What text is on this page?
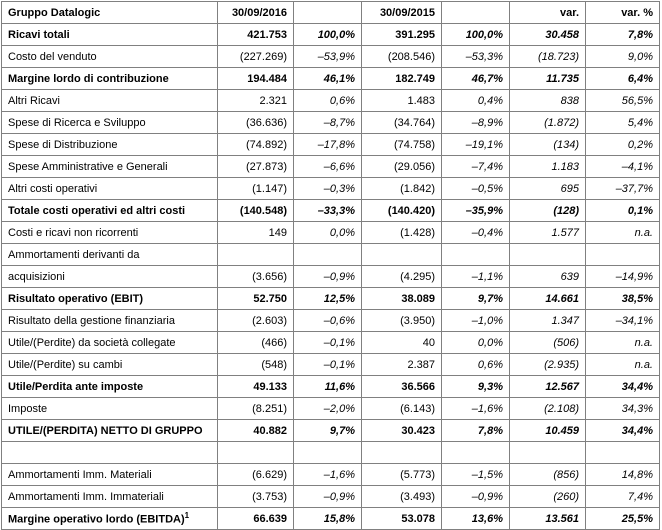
Gruppo Datalogic	30/09/2016		30/09/2015		var.	var. %
Ricavi totali	421.753	100,0%	391.295	100,0%	30.458	7,8%
Costo del venduto	(227.269)	–53,9%	(208.546)	–53,3%	(18.723)	9,0%
Margine lordo di contribuzione	194.484	46,1%	182.749	46,7%	11.735	6,4%
Altri Ricavi	2.321	0,6%	1.483	0,4%	838	56,5%
Spese di Ricerca e Sviluppo	(36.636)	–8,7%	(34.764)	–8,9%	(1.872)	5,4%
Spese di Distribuzione	(74.892)	–17,8%	(74.758)	–19,1%	(134)	0,2%
Spese Amministrative e Generali	(27.873)	–6,6%	(29.056)	–7,4%	1.183	–4,1%
Altri costi operativi	(1.147)	–0,3%	(1.842)	–0,5%	695	–37,7%
Totale costi operativi ed altri costi	(140.548)	–33,3%	(140.420)	–35,9%	(128)	0,1%
Costi e ricavi non ricorrenti	149	0,0%	(1.428)	–0,4%	1.577	n.a.
Ammortamenti derivanti da						
acquisizioni	(3.656)	–0,9%	(4.295)	–1,1%	639	–14,9%
Risultato operativo (EBIT)	52.750	12,5%	38.089	9,7%	14.661	38,5%
Risultato della gestione finanziaria	(2.603)	–0,6%	(3.950)	–1,0%	1.347	–34,1%
Utile/(Perdite) da società collegate	(466)	–0,1%	40	0,0%	(506)	n.a.
Utile/(Perdite) su cambi	(548)	–0,1%	2.387	0,6%	(2.935)	n.a.
Utile/Perdita ante imposte	49.133	11,6%	36.566	9,3%	12.567	34,4%
Imposte	(8.251)	–2,0%	(6.143)	–1,6%	(2.108)	34,3%
UTILE/(PERDITA) NETTO DI GRUPPO	40.882	9,7%	30.423	7,8%	10.459	34,4%

Ammortamenti Imm. Materiali	(6.629)	–1,6%	(5.773)	–1,5%	(856)	14,8%
Ammortamenti Imm. Immateriali	(3.753)	–0,9%	(3.493)	–0,9%	(260)	7,4%
Margine operativo lordo (EBITDA)$^1$	66.639	15,8%	53.078	13,6%	13.561	25,5%
